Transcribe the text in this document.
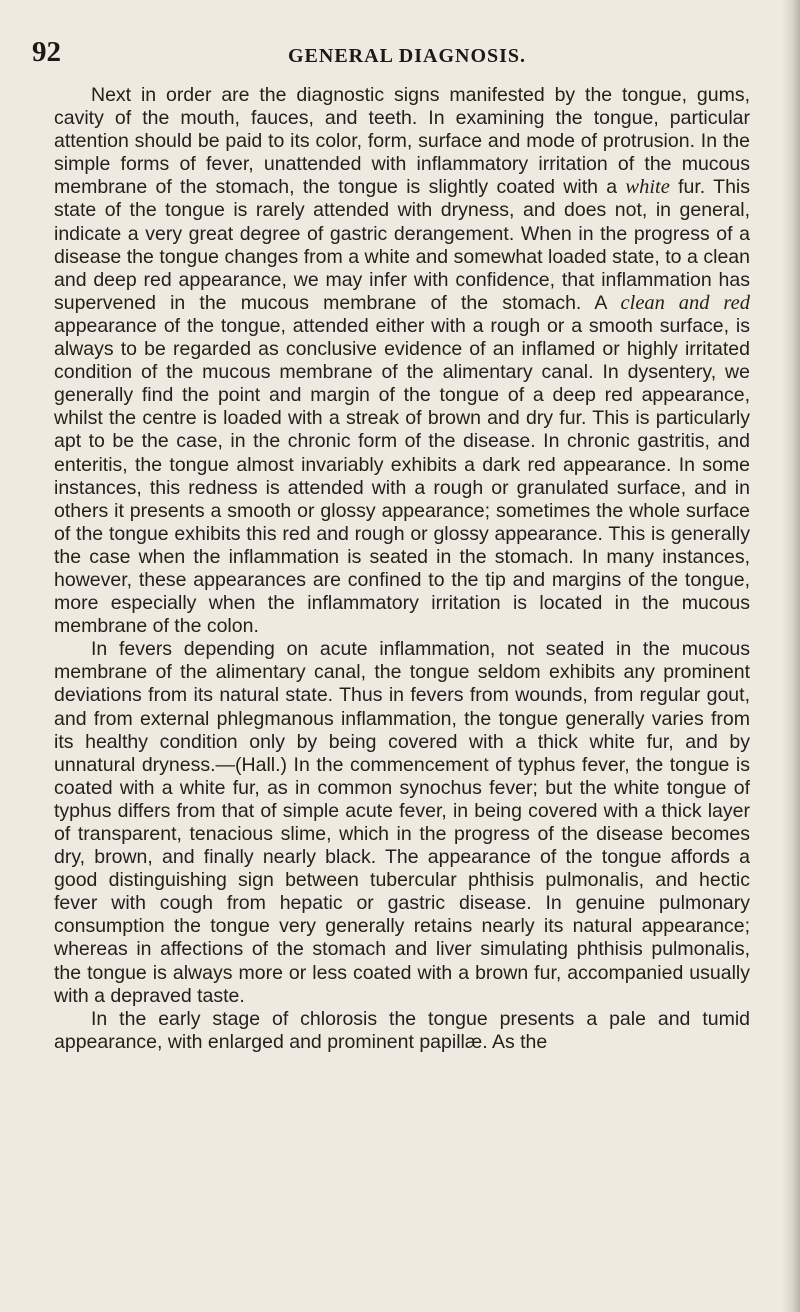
92	GENERAL DIAGNOSIS.

Next in order are the diagnostic signs manifested by the tongue, gums, cavity of the mouth, fauces, and teeth. In examining the tongue, particular attention should be paid to its color, form, surface and mode of protrusion. In the simple forms of fever, unattended with inflammatory irritation of the mucous membrane of the stomach, the tongue is slightly coated with a white fur. This state of the tongue is rarely attended with dryness, and does not, in general, indicate a very great degree of gastric derangement. When in the progress of a disease the tongue changes from a white and somewhat loaded state, to a clean and deep red appearance, we may infer with confidence, that inflammation has supervened in the mucous membrane of the stomach. A clean and red appearance of the tongue, attended either with a rough or a smooth surface, is always to be regarded as conclusive evidence of an inflamed or highly irritated condition of the mucous membrane of the alimentary canal. In dysentery, we generally find the point and margin of the tongue of a deep red appearance, whilst the centre is loaded with a streak of brown and dry fur. This is particularly apt to be the case, in the chronic form of the disease. In chronic gastritis, and enteritis, the tongue almost invariably exhibits a dark red appearance. In some instances, this redness is attended with a rough or granulated surface, and in others it presents a smooth or glossy appearance; sometimes the whole surface of the tongue exhibits this red and rough or glossy appearance. This is generally the case when the inflammation is seated in the stomach. In many instances, however, these appearances are confined to the tip and margins of the tongue, more especially when the inflammatory irritation is located in the mucous membrane of the colon.

In fevers depending on acute inflammation, not seated in the mucous membrane of the alimentary canal, the tongue seldom exhibits any prominent deviations from its natural state. Thus in fevers from wounds, from regular gout, and from external phlegmanous inflammation, the tongue generally varies from its healthy condition only by being covered with a thick white fur, and by unnatural dryness.—(Hall.) In the commencement of typhus fever, the tongue is coated with a white fur, as in common synochus fever; but the white tongue of typhus differs from that of simple acute fever, in being covered with a thick layer of transparent, tenacious slime, which in the progress of the disease becomes dry, brown, and finally nearly black. The appearance of the tongue affords a good distinguishing sign between tubercular phthisis pulmonalis, and hectic fever with cough from hepatic or gastric disease. In genuine pulmonary consumption the tongue very generally retains nearly its natural appearance; whereas in affections of the stomach and liver simulating phthisis pulmonalis, the tongue is always more or less coated with a brown fur, accompanied usually with a depraved taste.

In the early stage of chlorosis the tongue presents a pale and tumid appearance, with enlarged and prominent papillæ. As the
